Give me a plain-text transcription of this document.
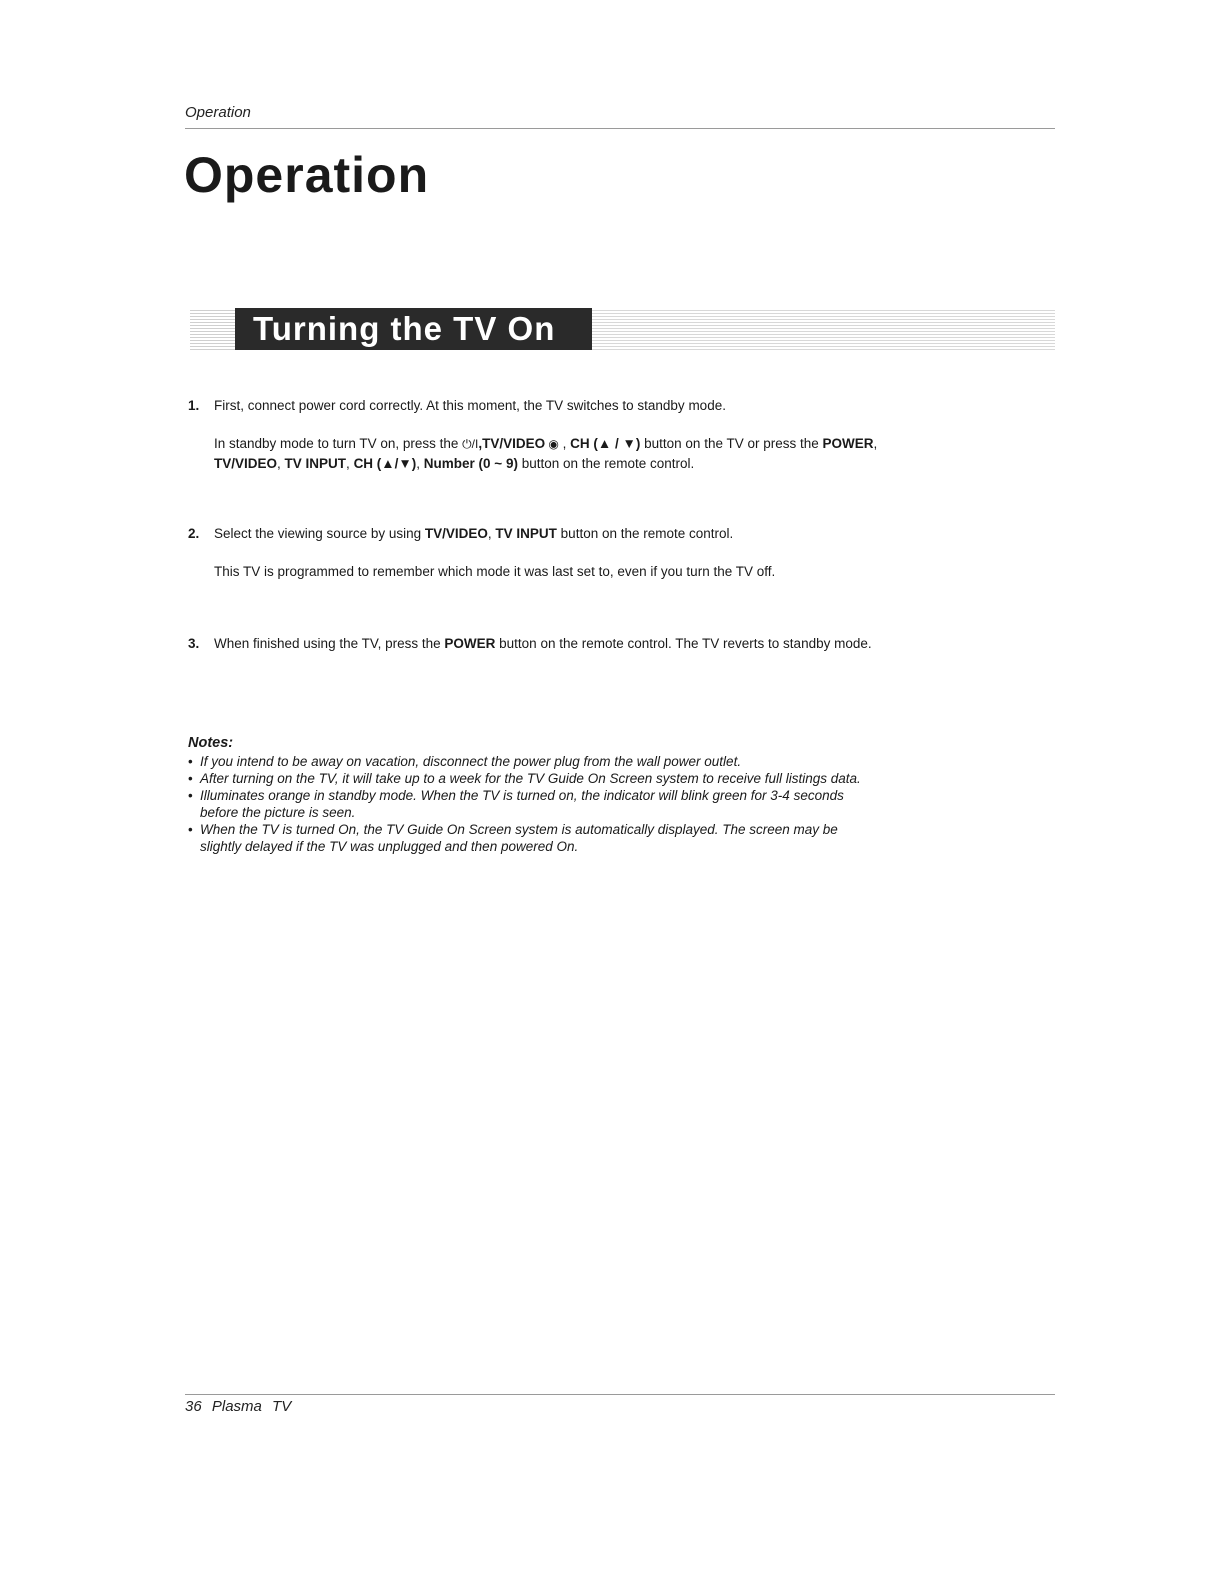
Operation
Operation
Turning the TV On
1. First, connect power cord correctly. At this moment, the TV switches to standby mode.

In standby mode to turn TV on, press the ⏻/I,TV/VIDEO ◉ , CH (▲ / ▼) button on the TV or press the POWER, TV/VIDEO, TV INPUT, CH (▲/▼), Number (0 ~ 9) button on the remote control.

2. Select the viewing source by using TV/VIDEO, TV INPUT button on the remote control.

This TV is programmed to remember which mode it was last set to, even if you turn the TV off.

3. When finished using the TV, press the POWER button on the remote control. The TV reverts to standby mode.

Notes:
• If you intend to be away on vacation, disconnect the power plug from the wall power outlet.
• After turning on the TV, it will take up to a week for the TV Guide On Screen system to receive full listings data.
• Illuminates orange in standby mode. When the TV is turned on, the indicator will blink green for 3-4 seconds before the picture is seen.
• When the TV is turned On, the TV Guide On Screen system is automatically displayed. The screen may be slightly delayed if the TV was unplugged and then powered On.
36 Plasma TV
